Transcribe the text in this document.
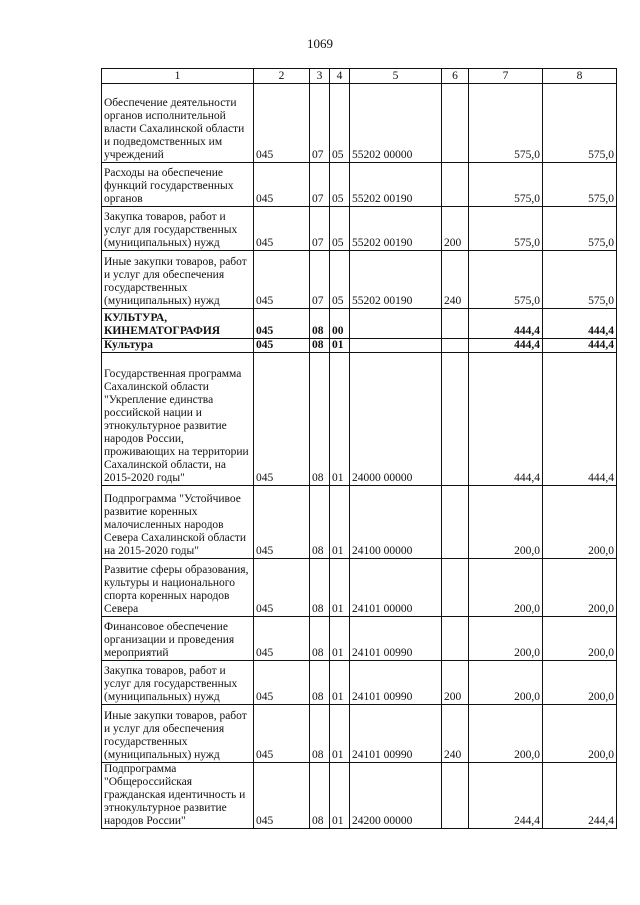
1069
1	2	3	4	5	6	7	8
Обеспечение деятельности органов исполнительной власти Сахалинской области и подведомственных им учреждений	045	07	05	55202 00000		575,0	575,0
Расходы на обеспечение функций государственных органов	045	07	05	55202 00190		575,0	575,0
Закупка товаров, работ и услуг для государственных (муниципальных) нужд	045	07	05	55202 00190	200	575,0	575,0
Иные закупки товаров, работ и услуг для обеспечения государственных (муниципальных) нужд	045	07	05	55202 00190	240	575,0	575,0
КУЛЬТУРА, КИНЕМАТОГРАФИЯ	045	08	00			444,4	444,4
Культура	045	08	01			444,4	444,4
Государственная программа Сахалинской области "Укрепление единства российской нации и этнокультурное развитие народов России, проживающих на территории Сахалинской области, на 2015-2020 годы"	045	08	01	24000 00000		444,4	444,4
Подпрограмма "Устойчивое развитие коренных малочисленных народов Севера Сахалинской области на 2015-2020 годы"	045	08	01	24100 00000		200,0	200,0
Развитие сферы образования, культуры и национального спорта коренных народов Севера	045	08	01	24101 00000		200,0	200,0
Финансовое обеспечение организации и проведения мероприятий	045	08	01	24101 00990		200,0	200,0
Закупка товаров, работ и услуг для государственных (муниципальных) нужд	045	08	01	24101 00990	200	200,0	200,0
Иные закупки товаров, работ и услуг для обеспечения государственных (муниципальных) нужд	045	08	01	24101 00990	240	200,0	200,0
Подпрограмма "Общероссийская гражданская идентичность и этнокультурное развитие народов России"	045	08	01	24200 00000		244,4	244,4
